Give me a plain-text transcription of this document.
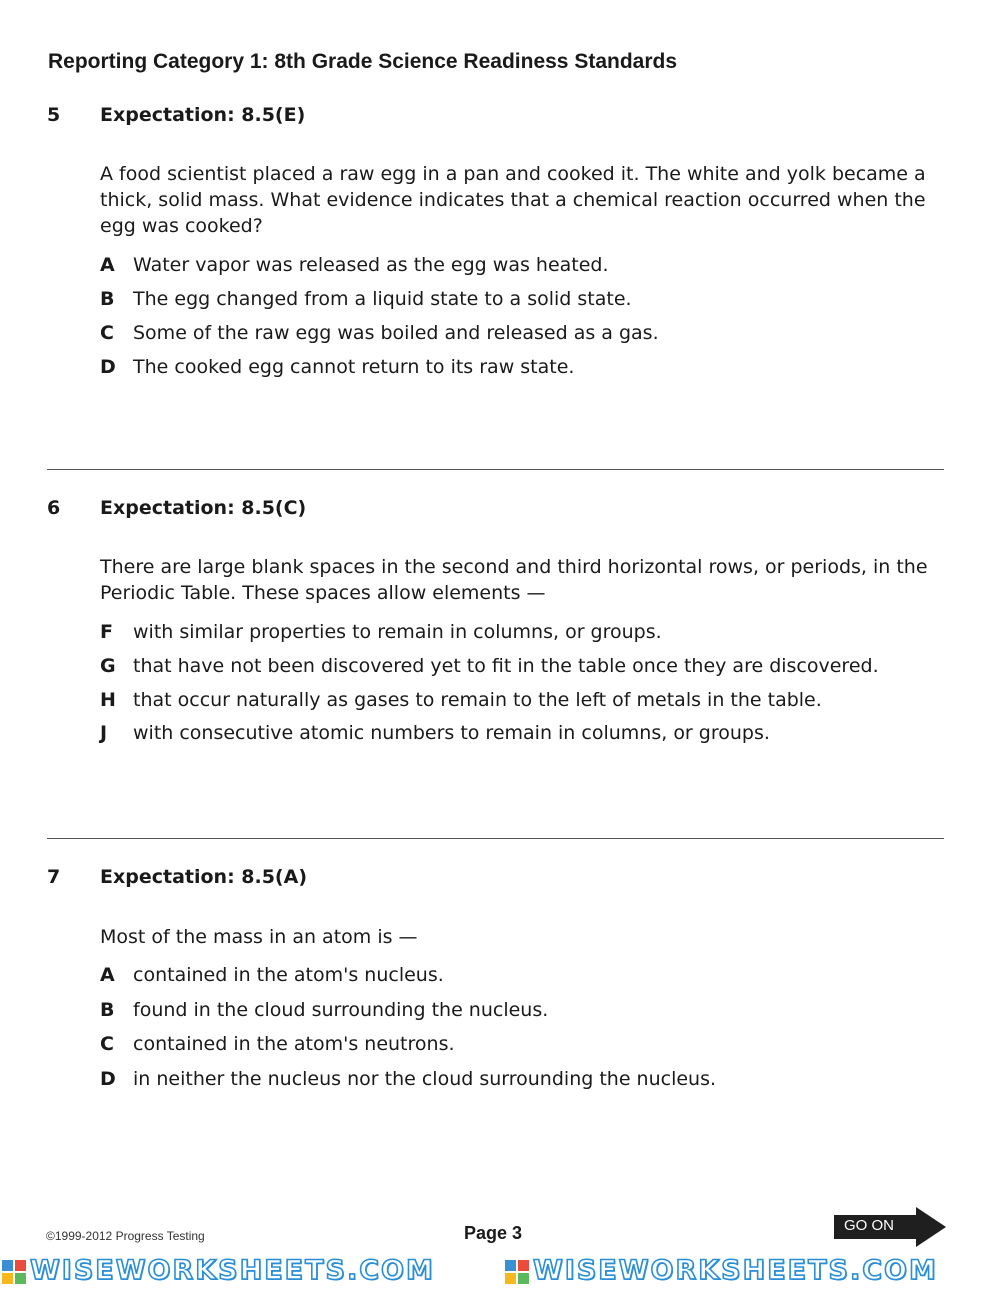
Reporting Category 1: 8th Grade Science Readiness Standards
5 Expectation: 8.5(E)
A food scientist placed a raw egg in a pan and cooked it. The white and yolk became a thick, solid mass. What evidence indicates that a chemical reaction occurred when the egg was cooked?
A Water vapor was released as the egg was heated.
B The egg changed from a liquid state to a solid state.
C Some of the raw egg was boiled and released as a gas.
D The cooked egg cannot return to its raw state.
6 Expectation: 8.5(C)
There are large blank spaces in the second and third horizontal rows, or periods, in the Periodic Table. These spaces allow elements —
F with similar properties to remain in columns, or groups.
G that have not been discovered yet to fit in the table once they are discovered.
H that occur naturally as gases to remain to the left of metals in the table.
J with consecutive atomic numbers to remain in columns, or groups.
7 Expectation: 8.5(A)
Most of the mass in an atom is —
A contained in the atom's nucleus.
B found in the cloud surrounding the nucleus.
C contained in the atom's neutrons.
D in neither the nucleus nor the cloud surrounding the nucleus.
©1999-2012 Progress Testing	Page 3	GO ON
WISEWORKSHEETS.COM	WISEWORKSHEETS.COM
